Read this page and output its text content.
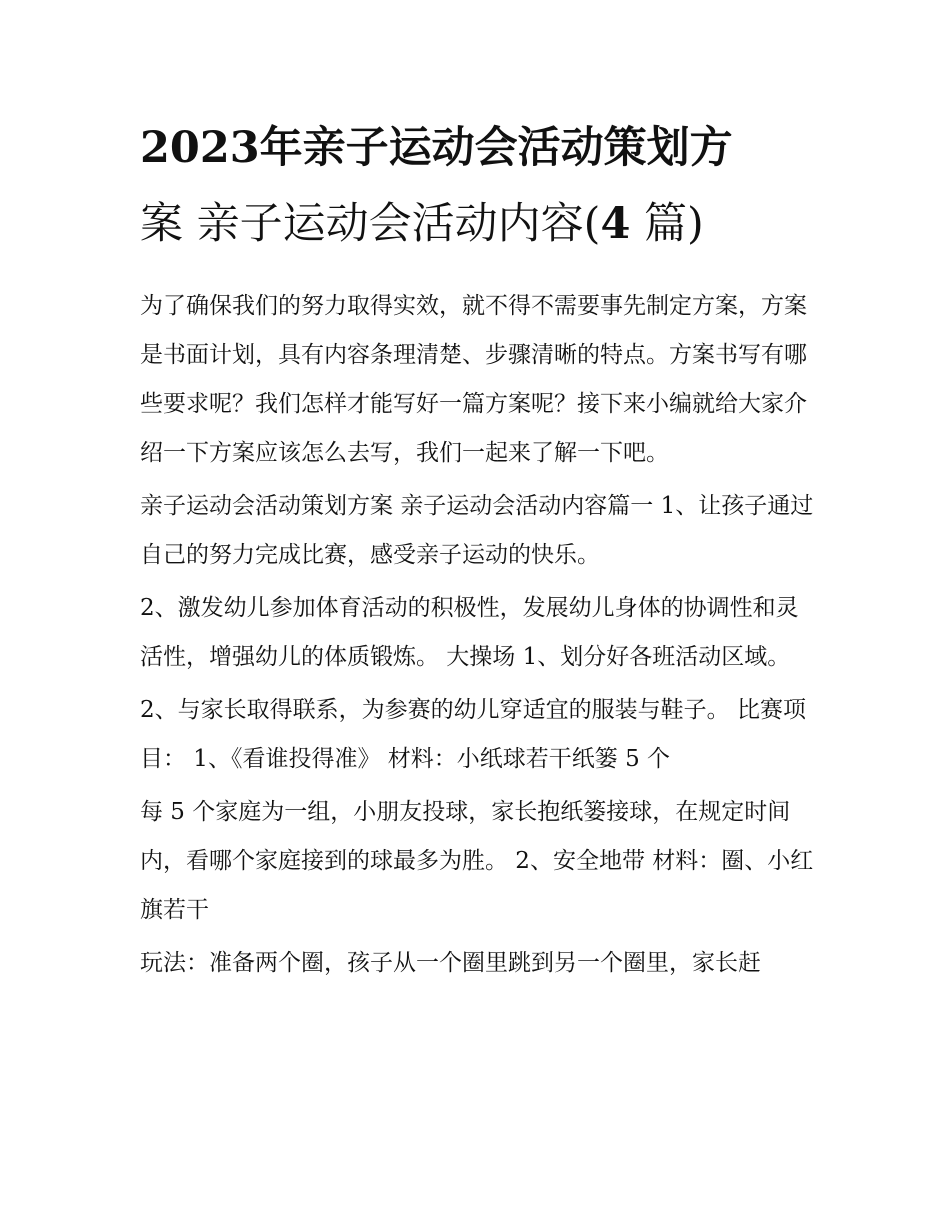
2023年亲子运动会活动策划方
案 亲子运动会活动内容(4 篇)

为了确保我们的努力取得实效，就不得不需要事先制定方案，方案是书面计划，具有内容条理清楚、步骤清晰的特点。方案书写有哪些要求呢？我们怎样才能写好一篇方案呢？接下来小编就给大家介绍一下方案应该怎么去写，我们一起来了解一下吧。

亲子运动会活动策划方案 亲子运动会活动内容篇一 1、让孩子通过自己的努力完成比赛，感受亲子运动的快乐。

2、激发幼儿参加体育活动的积极性，发展幼儿身体的协调性和灵活性，增强幼儿的体质锻炼。 大操场 1、划分好各班活动区域。

2、与家长取得联系，为参赛的幼儿穿适宜的服装与鞋子。 比赛项目： 1、《看谁投得准》 材料：小纸球若干纸篓 5 个

每 5 个家庭为一组，小朋友投球，家长抱纸篓接球，在规定时间内，看哪个家庭接到的球最多为胜。 2、安全地带 材料：圈、小红旗若干

玩法：准备两个圈，孩子从一个圈里跳到另一个圈里，家长赶
